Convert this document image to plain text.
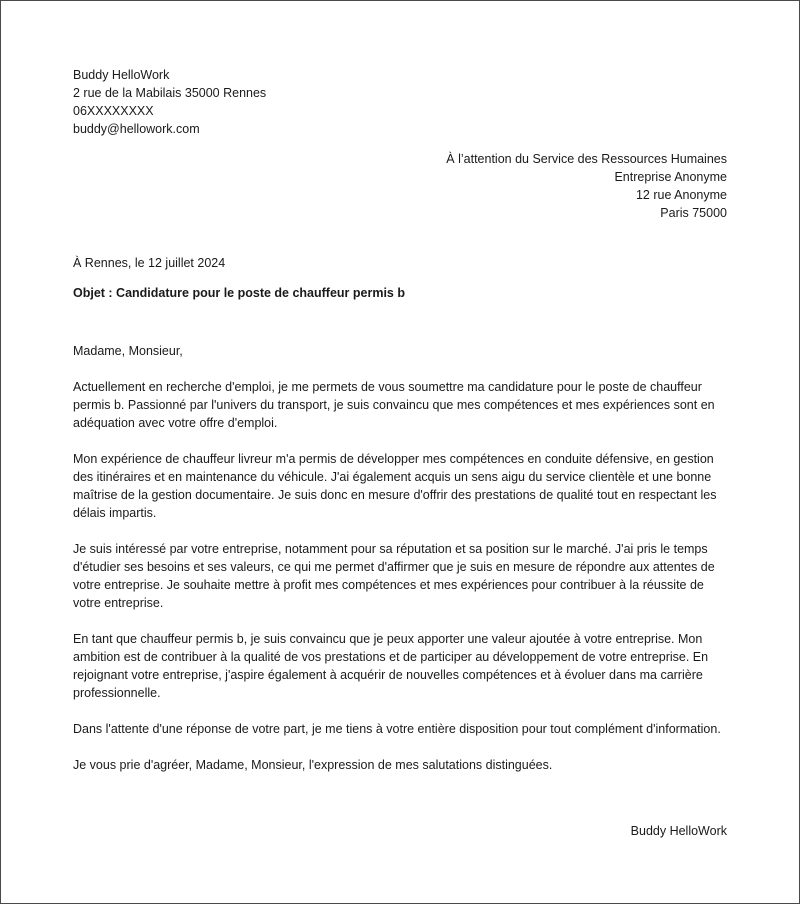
Buddy HelloWork
2 rue de la Mabilais 35000 Rennes
06XXXXXXXX
buddy@hellowork.com
À l’attention du Service des Ressources Humaines
Entreprise Anonyme
12 rue Anonyme
Paris 75000
À Rennes, le 12 juillet 2024
Objet : Candidature pour le poste de chauffeur permis b

Madame, Monsieur,

Actuellement en recherche d'emploi, je me permets de vous soumettre ma candidature pour le poste de chauffeur permis b. Passionné par l'univers du transport, je suis convaincu que mes compétences et mes expériences sont en adéquation avec votre offre d'emploi.

Mon expérience de chauffeur livreur m'a permis de développer mes compétences en conduite défensive, en gestion des itinéraires et en maintenance du véhicule. J'ai également acquis un sens aigu du service clientèle et une bonne maîtrise de la gestion documentaire. Je suis donc en mesure d'offrir des prestations de qualité tout en respectant les délais impartis.

Je suis intéressé par votre entreprise, notamment pour sa réputation et sa position sur le marché. J'ai pris le temps d'étudier ses besoins et ses valeurs, ce qui me permet d'affirmer que je suis en mesure de répondre aux attentes de votre entreprise. Je souhaite mettre à profit mes compétences et mes expériences pour contribuer à la réussite de votre entreprise.

En tant que chauffeur permis b, je suis convaincu que je peux apporter une valeur ajoutée à votre entreprise. Mon ambition est de contribuer à la qualité de vos prestations et de participer au développement de votre entreprise. En rejoignant votre entreprise, j'aspire également à acquérir de nouvelles compétences et à évoluer dans ma carrière professionnelle.

Dans l'attente d'une réponse de votre part, je me tiens à votre entière disposition pour tout complément d'information.

Je vous prie d'agréer, Madame, Monsieur, l'expression de mes salutations distinguées.

Buddy HelloWork
